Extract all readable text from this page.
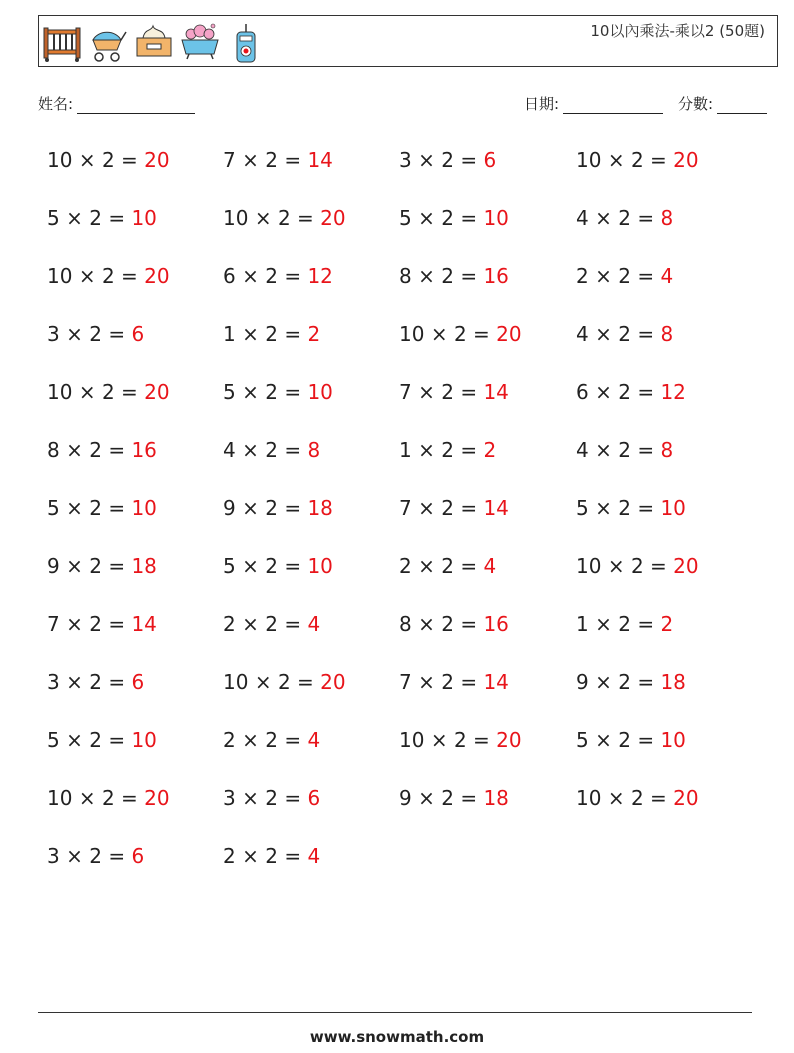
10以內乘法-乘以2 (50題)
姓名:	日期:	分數:
10 × 2 = 20	7 × 2 = 14	3 × 2 = 6	10 × 2 = 20
5 × 2 = 10	10 × 2 = 20	5 × 2 = 10	4 × 2 = 8
10 × 2 = 20	6 × 2 = 12	8 × 2 = 16	2 × 2 = 4
3 × 2 = 6	1 × 2 = 2	10 × 2 = 20	4 × 2 = 8
10 × 2 = 20	5 × 2 = 10	7 × 2 = 14	6 × 2 = 12
8 × 2 = 16	4 × 2 = 8	1 × 2 = 2	4 × 2 = 8
5 × 2 = 10	9 × 2 = 18	7 × 2 = 14	5 × 2 = 10
9 × 2 = 18	5 × 2 = 10	2 × 2 = 4	10 × 2 = 20
7 × 2 = 14	2 × 2 = 4	8 × 2 = 16	1 × 2 = 2
3 × 2 = 6	10 × 2 = 20	7 × 2 = 14	9 × 2 = 18
5 × 2 = 10	2 × 2 = 4	10 × 2 = 20	5 × 2 = 10
10 × 2 = 20	3 × 2 = 6	9 × 2 = 18	10 × 2 = 20
3 × 2 = 6	2 × 2 = 4
www.snowmath.com
